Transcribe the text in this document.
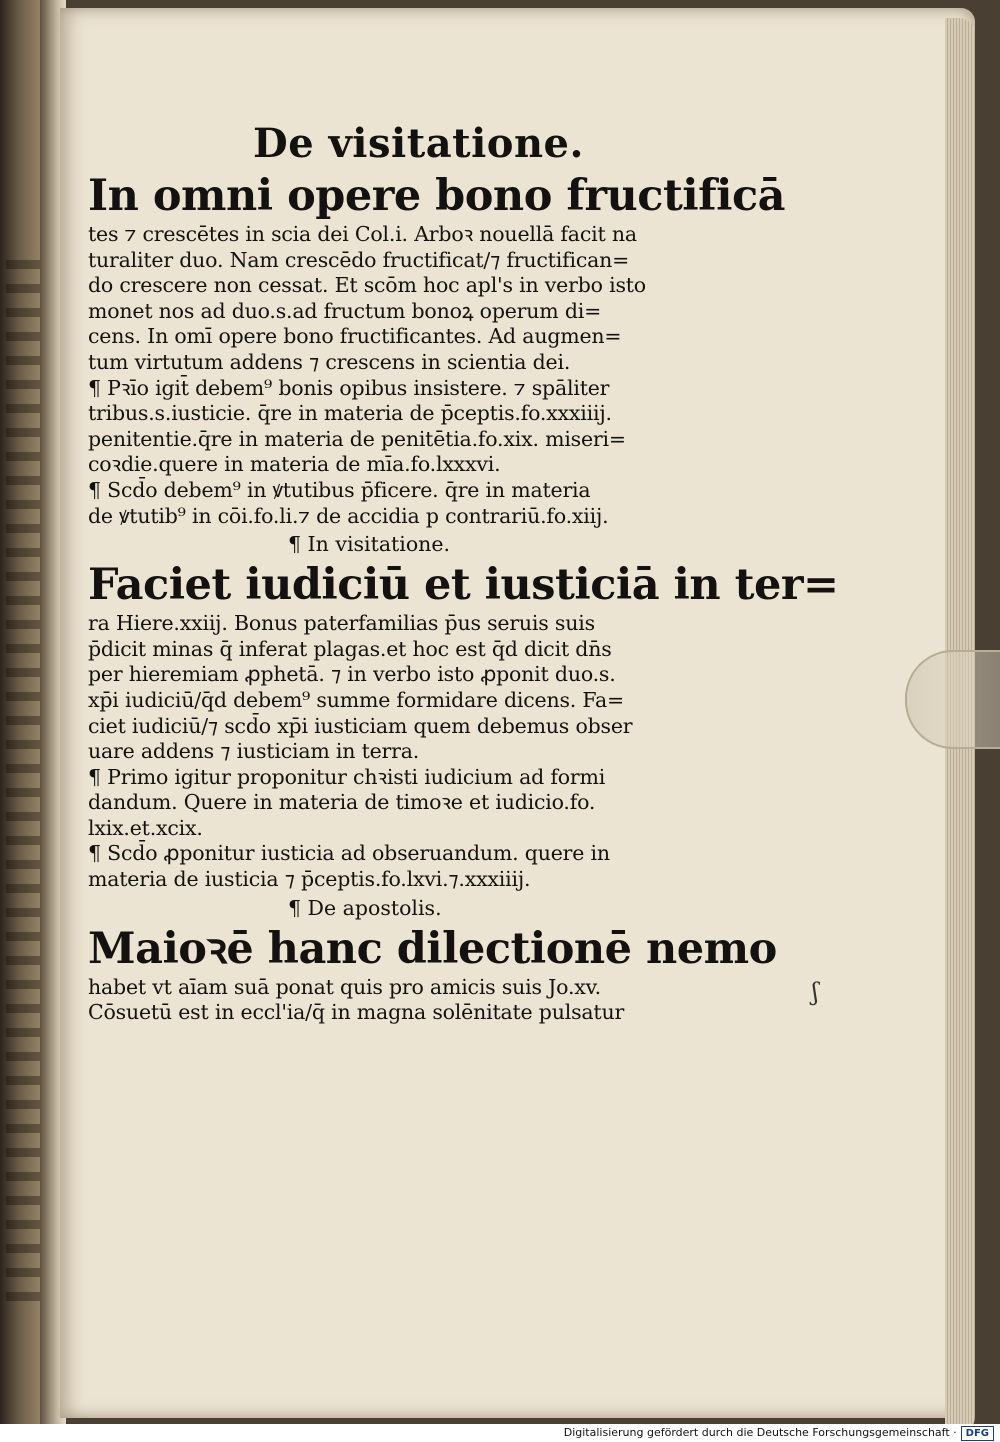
De visitatione.

In omni opere bono fructificā

tes ⁊ crescētes in scia dei Col.i. Arboꝛ nouellā facit na

turaliter duo. Nam crescēdo fructificat/⁊ fructifican=

do crescere non cessat. Et scōm hoc apl's in verbo isto

monet nos ad duo.s.ad fructum bonoꝝ operum di=

cens. In omī opere bono fructificantes. Ad augmen=

tum virtutum addens ⁊ crescens in scientia dei.

¶ Pꝛīo igit̄ debem⁹ bonis opibus insistere. ⁊ spāliter

tribus.s.iusticie. q̄re in materia de p̄ceptis.fo.xxxiiij.

penitentie.q̄re in materia de penitētia.fo.xix. miseri=

coꝛdie.quere in materia de mīa.fo.lxxxvi.

¶ Scd̄o debem⁹ in ꝟtutibus p̄ficere. q̄re in materia

de ꝟtutib⁹ in cōi.fo.li.⁊ de accidia p contrariū.fo.xiij.

¶ In visitatione.

Faciet iudiciū et iusticiā in ter=

ra Hiere.xxiij. Bonus paterfamilias p̄us seruis suis

p̄dicit minas q̄ inferat plagas.et hoc est q̄d dicit dn̄s

per hieremiam ꝓphetā. ⁊ in verbo isto ꝓponit duo.s.

xp̄i iudiciū/q̄d debem⁹ summe formidare dicens. Fa=

ciet iudiciū/⁊ scd̄o xp̄i iusticiam quem debemus obser

uare addens ⁊ iusticiam in terra.

¶ Primo igitur proponitur chꝛisti iudicium ad formi

dandum. Quere in materia de timoꝛe et iudicio.fo.

lxix.et.xcix.

¶ Scd̄o ꝓponitur iusticia ad obseruandum. quere in

materia de iusticia ⁊ p̄ceptis.fo.lxvi.⁊.xxxiiij.

¶ De apostolis.

Maioꝛē hanc dilectionē nemo

habet vt aīam suā ponat quis pro amicis suis Jo.xv.

Cōsuetū est in eccl'ia/q̄ in magna solēnitate pulsatur

ʃ
Digitalisierung gefördert durch die Deutsche Forschungsgemeinschaft · DFG
